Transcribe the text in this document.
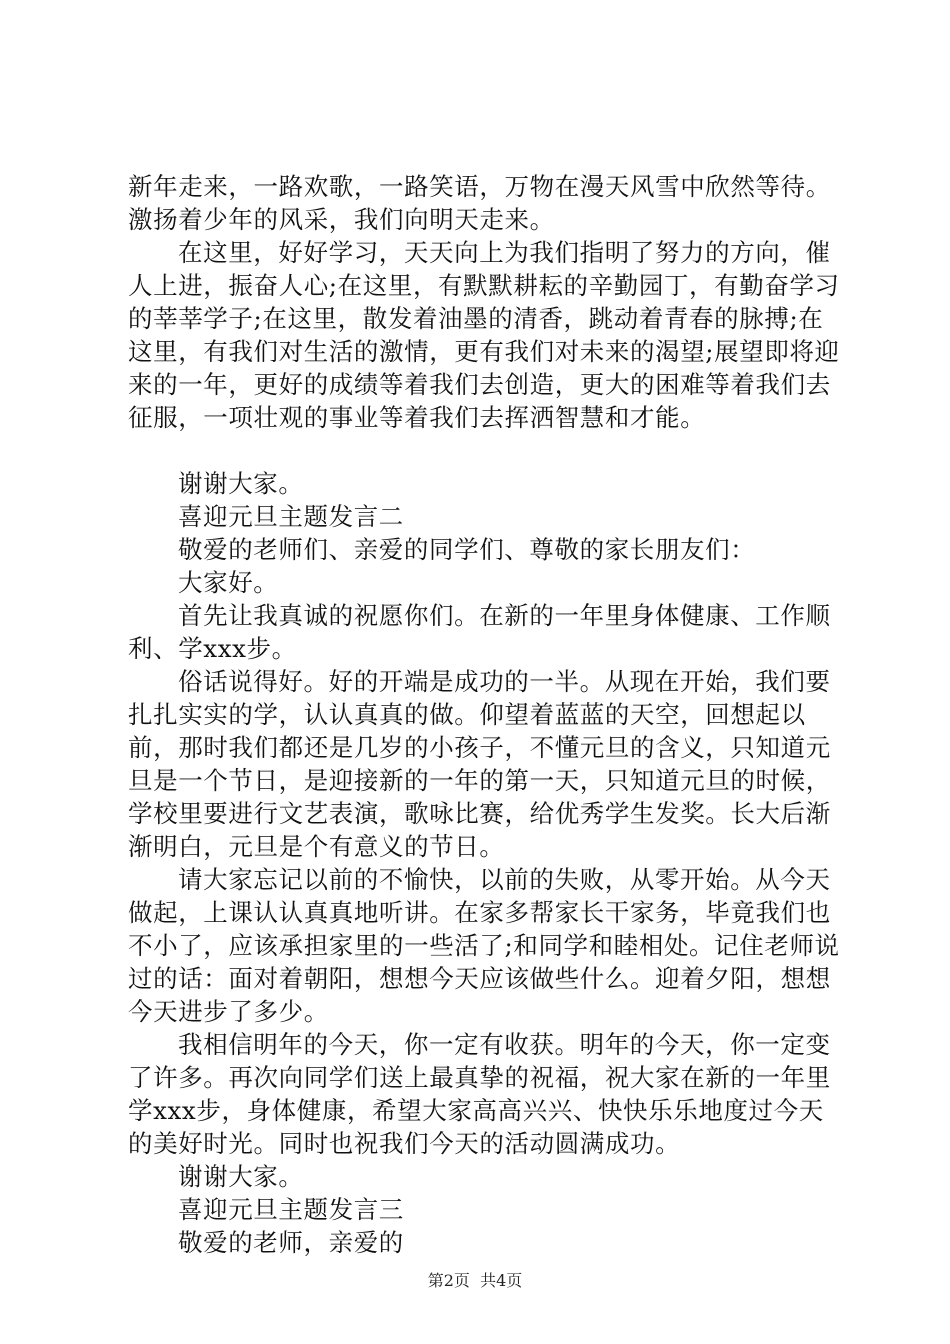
新年走来，一路欢歌，一路笑语，万物在漫天风雪中欣然等待。激扬着少年的风采，我们向明天走来。

在这里，好好学习，天天向上为我们指明了努力的方向，催人上进，振奋人心;在这里，有默默耕耘的辛勤园丁，有勤奋学习的莘莘学子;在这里，散发着油墨的清香，跳动着青春的脉搏;在这里，有我们对生活的激情，更有我们对未来的渴望;展望即将迎来的一年，更好的成绩等着我们去创造，更大的困难等着我们去征服，一项壮观的事业等着我们去挥洒智慧和才能。

谢谢大家。

喜迎元旦主题发言二

敬爱的老师们、亲爱的同学们、尊敬的家长朋友们：

大家好。

首先让我真诚的祝愿你们。在新的一年里身体健康、工作顺利、学xxx步。

俗话说得好。好的开端是成功的一半。从现在开始，我们要扎扎实实的学，认认真真的做。仰望着蓝蓝的天空，回想起以前，那时我们都还是几岁的小孩子，不懂元旦的含义，只知道元旦是一个节日，是迎接新的一年的第一天，只知道元旦的时候，学校里要进行文艺表演，歌咏比赛，给优秀学生发奖。长大后渐渐明白，元旦是个有意义的节日。

请大家忘记以前的不愉快，以前的失败，从零开始。从今天做起，上课认认真真地听讲。在家多帮家长干家务，毕竟我们也不小了，应该承担家里的一些活了;和同学和睦相处。记住老师说过的话：面对着朝阳，想想今天应该做些什么。迎着夕阳，想想今天进步了多少。

我相信明年的今天，你一定有收获。明年的今天，你一定变了许多。再次向同学们送上最真挚的祝福，祝大家在新的一年里学xxx步，身体健康，希望大家高高兴兴、快快乐乐地度过今天的美好时光。同时也祝我们今天的活动圆满成功。

谢谢大家。

喜迎元旦主题发言三

敬爱的老师，亲爱的

第2页 共4页
